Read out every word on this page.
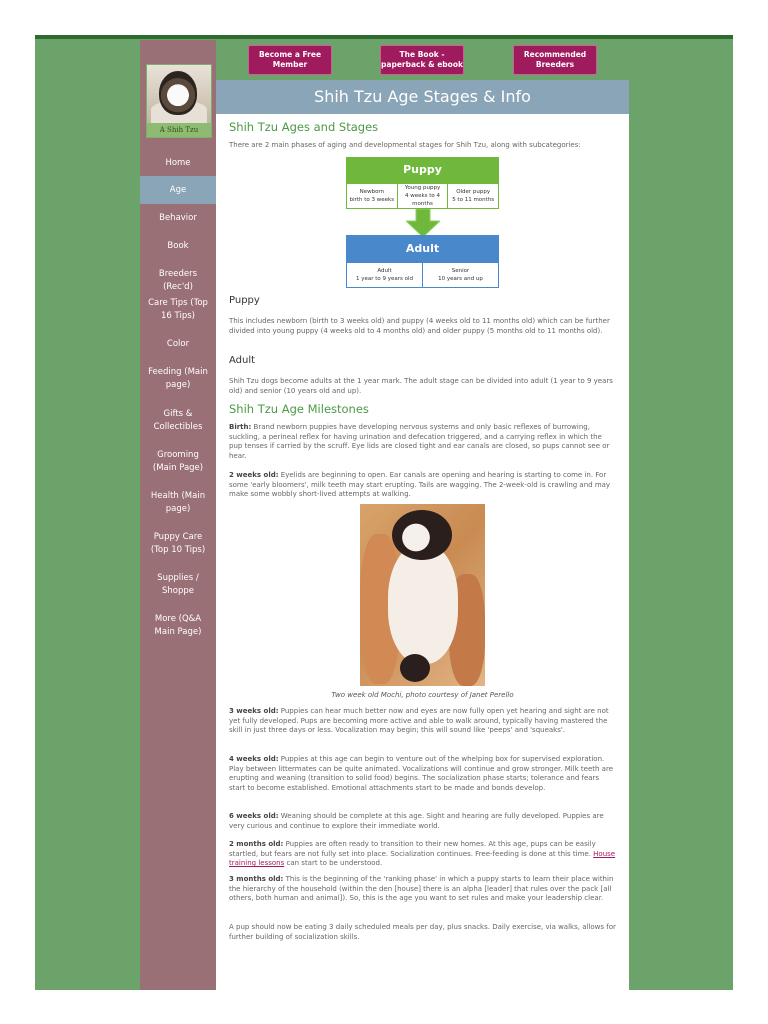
A Shih Tzu
Home
Age
Behavior
Book
Breeders (Rec'd)
Care Tips (Top 16 Tips)
Color
Feeding (Main page)
Gifts & Collectibles
Grooming (Main Page)
Health (Main page)
Puppy Care (Top 10 Tips)
Supplies / Shoppe
More (Q&A Main Page)
Become a Free Member
The Book - paperback & ebook
Recommended Breeders
Shih Tzu Age Stages & Info
Shih Tzu Ages and Stages
There are 2 main phases of aging and developmental stages for Shih Tzu, along with subcategories:
Puppy
Newborn
birth to 3 weeks
Young puppy
4 weeks to 4 months
Older puppy
5 to 11 months
Adult
Adult
1 year to 9 years old
Senior
10 years and up
Puppy
This includes newborn (birth to 3 weeks old) and puppy (4 weeks old to 11 months old) which can be further divided into young puppy (4 weeks old to 4 months old) and older puppy (5 months old to 11 months old).
Adult
Shih Tzu dogs become adults at the 1 year mark. The adult stage can be divided into adult (1 year to 9 years old) and senior (10 years old and up).
Shih Tzu Age Milestones
Birth: Brand newborn puppies have developing nervous systems and only basic reflexes of burrowing, suckling, a perineal reflex for having urination and defecation triggered, and a carrying reflex in which the pup tenses if carried by the scruff. Eye lids are closed tight and ear canals are closed, so pups cannot see or hear.
2 weeks old: Eyelids are beginning to open. Ear canals are opening and hearing is starting to come in. For some 'early bloomers', milk teeth may start erupting. Tails are wagging. The 2-week-old is crawling and may make some wobbly short-lived attempts at walking.
Two week old Mochi, photo courtesy of Janet Perello
3 weeks old: Puppies can hear much better now and eyes are now fully open yet hearing and sight are not yet fully developed. Pups are becoming more active and able to walk around, typically having mastered the skill in just three days or less. Vocalization may begin; this will sound like 'peeps' and 'squeaks'.
4 weeks old: Puppies at this age can begin to venture out of the whelping box for supervised exploration. Play between littermates can be quite animated. Vocalizations will continue and grow stronger. Milk teeth are erupting and weaning (transition to solid food) begins. The socialization phase starts; tolerance and fears start to become established. Emotional attachments start to be made and bonds develop.
6 weeks old: Weaning should be complete at this age. Sight and hearing are fully developed. Puppies are very curious and continue to explore their immediate world.
2 months old: Puppies are often ready to transition to their new homes. At this age, pups can be easily startled, but fears are not fully set into place. Socialization continues. Free-feeding is done at this time. House training lessons can start to be understood.
3 months old: This is the beginning of the 'ranking phase' in which a puppy starts to learn their place within the hierarchy of the household (within the den [house] there is an alpha [leader] that rules over the pack [all others, both human and animal]). So, this is the age you want to set rules and make your leadership clear.
A pup should now be eating 3 daily scheduled meals per day, plus snacks. Daily exercise, via walks, allows for further building of socialization skills.
